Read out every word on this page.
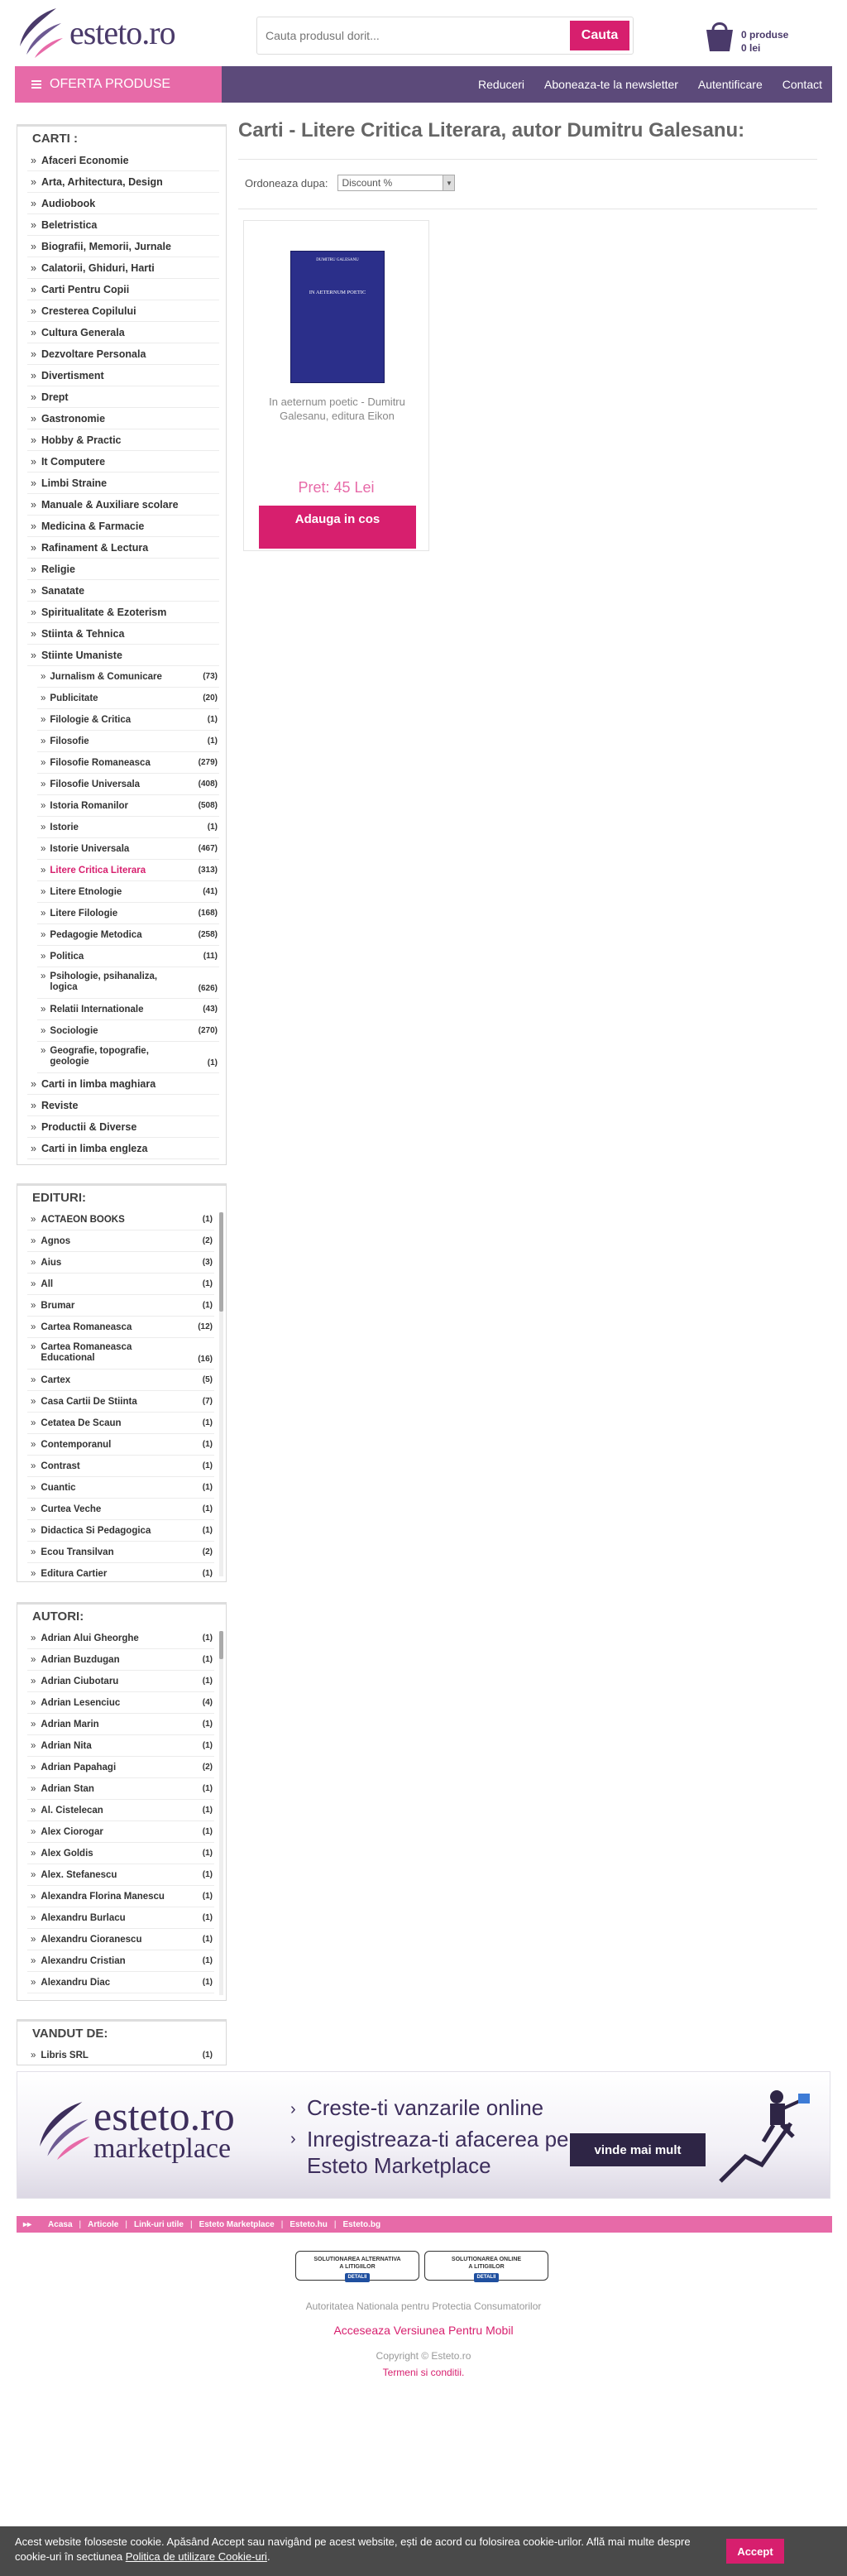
esteto.ro
Cauta produsul dorit...	Cauta	0 produse
0 lei
OFERTA PRODUSE	Reduceri Aboneaza-te la newsletter Autentificare Contact
CARTI :
» Afaceri Economie
» Arta, Arhitectura, Design
» Audiobook
» Beletristica
» Biografii, Memorii, Jurnale
» Calatorii, Ghiduri, Harti
» Carti Pentru Copii
» Cresterea Copilului
» Cultura Generala
» Dezvoltare Personala
» Divertisment
» Drept
» Gastronomie
» Hobby & Practic
» It Computere
» Limbi Straine
» Manuale & Auxiliare scolare
» Medicina & Farmacie
» Rafinament & Lectura
» Religie
» Sanatate
» Spiritualitate & Ezoterism
» Stiinta & Tehnica
» Stiinte Umaniste
» Jurnalism & Comunicare	(73)
» Publicitate	(20)
» Filologie & Critica	(1)
» Filosofie	(1)
» Filosofie Romaneasca	(279)
» Filosofie Universala	(408)
» Istoria Romanilor	(508)
» Istorie	(1)
» Istorie Universala	(467)
» Litere Critica Literara	(313)
» Litere Etnologie	(41)
» Litere Filologie	(168)
» Pedagogie Metodica	(258)
» Politica	(11)
» Psihologie, psihanaliza, logica	(626)
» Relatii Internationale	(43)
» Sociologie	(270)
» Geografie, topografie, geologie	(1)
» Carti in limba maghiara
» Reviste
» Productii & Diverse
» Carti in limba engleza
EDITURI:
» ACTAEON BOOKS	(1)
» Agnos	(2)
» Aius	(3)
» All	(1)
» Brumar	(1)
» Cartea Romaneasca	(12)
» Cartea Romaneasca Educational	(16)
» Cartex	(5)
» Casa Cartii De Stiinta	(7)
» Cetatea De Scaun	(1)
» Contemporanul	(1)
» Contrast	(1)
» Cuantic	(1)
» Curtea Veche	(1)
» Didactica Si Pedagogica	(1)
» Ecou Transilvan	(2)
» Editura Cartier	(1)
AUTORI:
» Adrian Alui Gheorghe	(1)
» Adrian Buzdugan	(1)
» Adrian Ciubotaru	(1)
» Adrian Lesenciuc	(4)
» Adrian Marin	(1)
» Adrian Nita	(1)
» Adrian Papahagi	(2)
» Adrian Stan	(1)
» Al. Cistelecan	(1)
» Alex Ciorogar	(1)
» Alex Goldis	(1)
» Alex. Stefanescu	(1)
» Alexandra Florina Manescu	(1)
» Alexandru Burlacu	(1)
» Alexandru Cioranescu	(1)
» Alexandru Cristian	(1)
» Alexandru Diac	(1)
VANDUT DE:
» Libris SRL	(1)
Carti - Litere Critica Literara, autor Dumitru Galesanu:
Ordoneaza dupa:	Discount %	▼
DUMITRU GALESANU
IN AETERNUM POETIC
In aeternum poetic - Dumitru Galesanu, editura Eikon
Pret: 45 Lei
Adauga in cos
esteto.ro
marketplace
›
›
Creste-ti vanzarile online
Inregistreaza-ti afacerea pe Esteto Marketplace
vinde mai mult
▸▸ Acasa | Articole | Link-uri utile | Esteto Marketplace | Esteto.hu | Esteto.bg
SOLUTIONAREA ALTERNATIVA
A LITIGIILOR
DETALII
SOLUTIONAREA ONLINE
A LITIGIILOR
DETALII
Autoritatea Nationala pentru Protectia Consumatorilor
Acceseaza Versiunea Pentru Mobil
Copyright © Esteto.ro
Termeni si conditii.
Acest website foloseste cookie. Apăsând Accept sau navigând pe acest website, ești de acord cu folosirea cookie-urilor. Află mai multe despre cookie-uri în sectiunea Politica de utilizare Cookie-uri.	Accept
